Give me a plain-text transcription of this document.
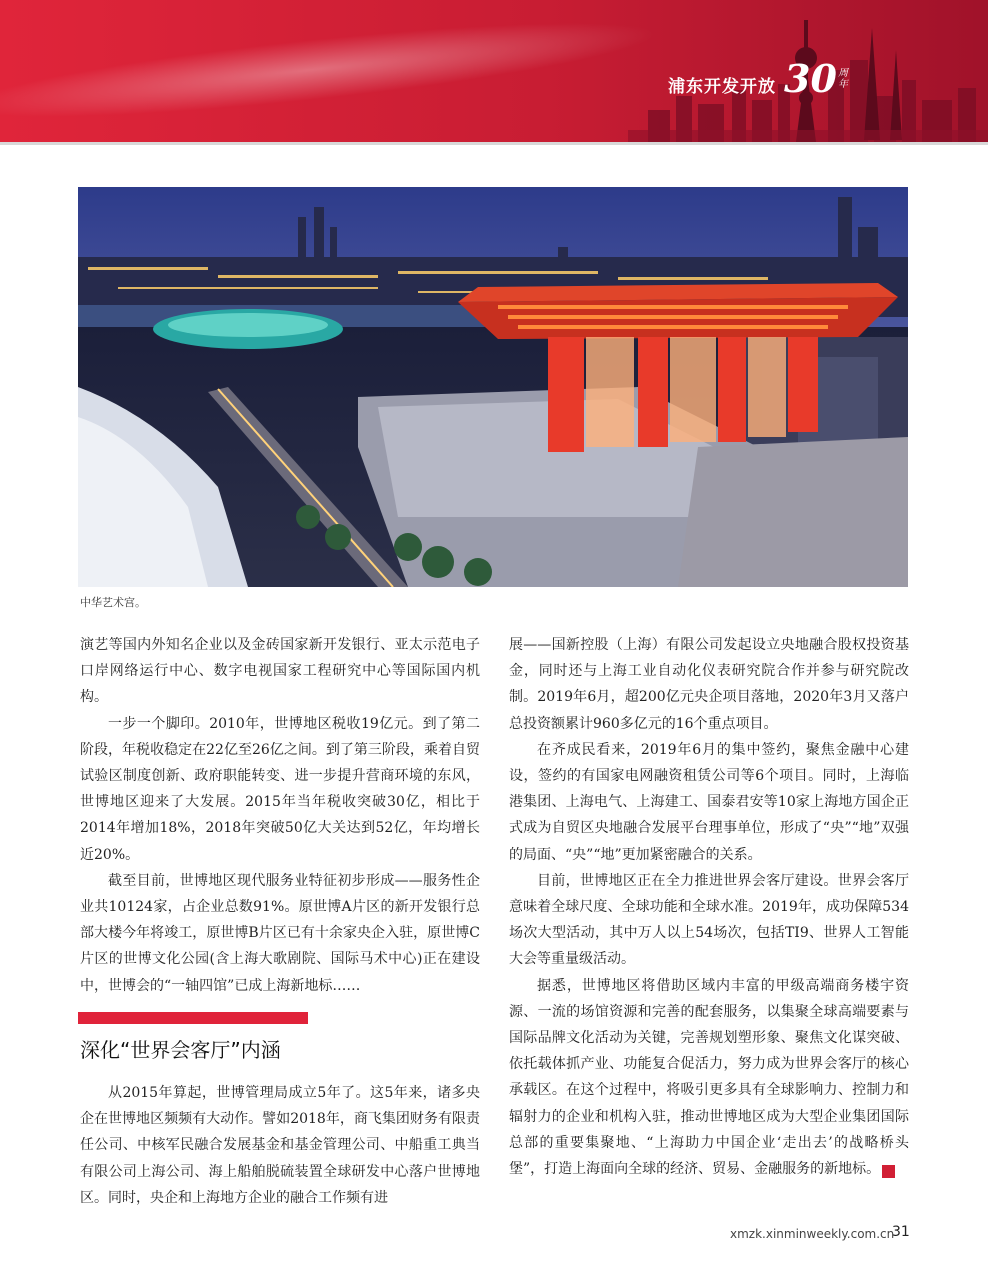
浦东开发开放 30 周年
中华艺术宫。

演艺等国内外知名企业以及金砖国家新开发银行、亚太示范电子口岸网络运行中心、数字电视国家工程研究中心等国际国内机构。

一步一个脚印。2010年，世博地区税收19亿元。到了第二阶段，年税收稳定在22亿至26亿之间。到了第三阶段，乘着自贸试验区制度创新、政府职能转变、进一步提升营商环境的东风，世博地区迎来了大发展。2015年当年税收突破30亿，相比于2014年增加18%，2018年突破50亿大关达到52亿，年均增长近20%。

截至目前，世博地区现代服务业特征初步形成——服务性企业共10124家，占企业总数91%。原世博A片区的新开发银行总部大楼今年将竣工，原世博B片区已有十余家央企入驻，原世博C片区的世博文化公园(含上海大歌剧院、国际马术中心)正在建设中，世博会的“一轴四馆”已成上海新地标……

深化“世界会客厅”内涵

从2015年算起，世博管理局成立5年了。这5年来，诸多央企在世博地区频频有大动作。譬如2018年，商飞集团财务有限责任公司、中核军民融合发展基金和基金管理公司、中船重工典当有限公司上海公司、海上船舶脱硫装置全球研发中心落户世博地区。同时，央企和上海地方企业的融合工作频有进

展——国新控股（上海）有限公司发起设立央地融合股权投资基金，同时还与上海工业自动化仪表研究院合作并参与研究院改制。2019年6月，超200亿元央企项目落地，2020年3月又落户总投资额累计960多亿元的16个重点项目。

在齐成民看来，2019年6月的集中签约，聚焦金融中心建设，签约的有国家电网融资租赁公司等6个项目。同时，上海临港集团、上海电气、上海建工、国泰君安等10家上海地方国企正式成为自贸区央地融合发展平台理事单位，形成了“央”“地”双强的局面、“央”“地”更加紧密融合的关系。

目前，世博地区正在全力推进世界会客厅建设。世界会客厅意味着全球尺度、全球功能和全球水准。2019年，成功保障534场次大型活动，其中万人以上54场次，包括TI9、世界人工智能大会等重量级活动。

据悉，世博地区将借助区域内丰富的甲级高端商务楼宇资源、一流的场馆资源和完善的配套服务，以集聚全球高端要素与国际品牌文化活动为关键，完善规划塑形象、聚焦文化谋突破、依托载体抓产业、功能复合促活力，努力成为世界会客厅的核心承载区。在这个过程中，将吸引更多具有全球影响力、控制力和辐射力的企业和机构入驻，推动世博地区成为大型企业集团国际总部的重要集聚地、“上海助力中国企业‘走出去’的战略桥头堡”，打造上海面向全球的经济、贸易、金融服务的新地标。	R

xmzk.xinminweekly.com.cn
31
